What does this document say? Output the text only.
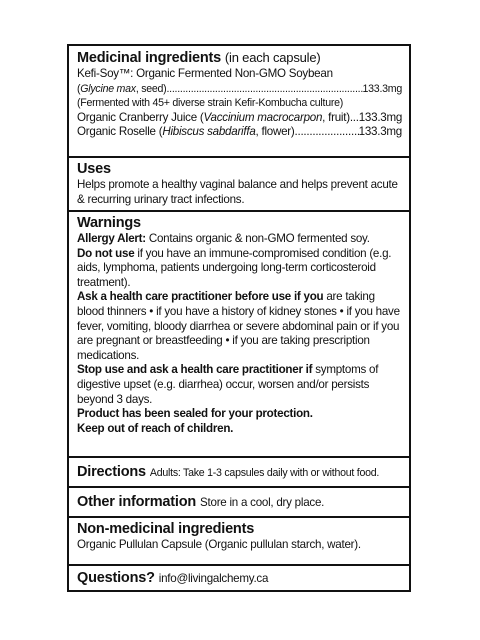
Medicinal ingredients (in each capsule)
Kefi-Soy™: Organic Fermented Non-GMO Soybean
(Glycine max, seed) .....	133.3mg
(Fermented with 45+ diverse strain Kefir-Kombucha culture)
Organic Cranberry Juice (Vaccinium macrocarpon, fruit) ...133.3mg
Organic Roselle (Hibiscus sabdariffa, flower) .....	133.3mg
Uses
Helps promote a healthy vaginal balance and helps prevent acute & recurring urinary tract infections.
Warnings
Allergy Alert: Contains organic & non-GMO fermented soy.
Do not use if you have an immune-compromised condition (e.g. aids, lymphoma, patients undergoing long-term corticosteroid treatment).
Ask a health care practitioner before use if you are taking blood thinners • if you have a history of kidney stones • if you have fever, vomiting, bloody diarrhea or severe abdominal pain or if you are pregnant or breastfeeding • if you are taking prescription medications.
Stop use and ask a health care practitioner if symptoms of digestive upset (e.g. diarrhea) occur, worsen and/or persists beyond 3 days.
Product has been sealed for your protection.
Keep out of reach of children.
Directions Adults: Take 1-3 capsules daily with or without food.
Other information Store in a cool, dry place.
Non-medicinal ingredients
Organic Pullulan Capsule (Organic pullulan starch, water).
Questions? info@livingalchemy.ca
